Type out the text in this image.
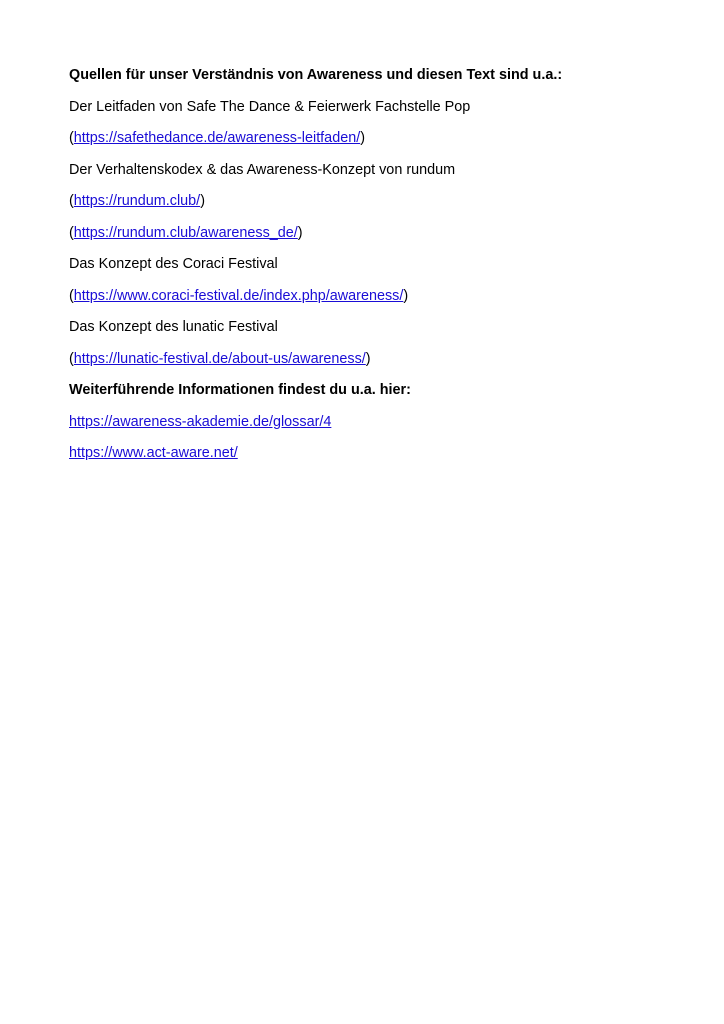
Quellen für unser Verständnis von Awareness und diesen Text sind u.a.:
Der Leitfaden von Safe The Dance & Feierwerk Fachstelle Pop
(https://safethedance.de/awareness-leitfaden/)
Der Verhaltenskodex & das Awareness-Konzept von rundum
(https://rundum.club/)
(https://rundum.club/awareness_de/)
Das Konzept des Coraci Festival
(https://www.coraci-festival.de/index.php/awareness/)
Das Konzept des lunatic Festival
(https://lunatic-festival.de/about-us/awareness/)
Weiterführende Informationen findest du u.a. hier:
https://awareness-akademie.de/glossar/4
https://www.act-aware.net/
